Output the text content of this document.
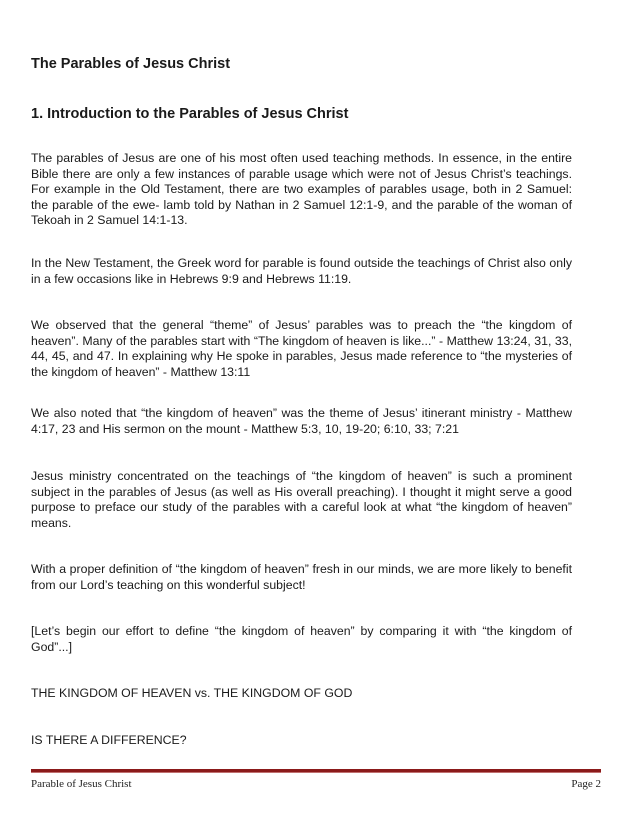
The Parables of Jesus Christ
1. Introduction to the Parables of Jesus Christ

The parables of Jesus are one of his most often used teaching methods. In essence, in the entire Bible there are only a few instances of parable usage which were not of Jesus Christ’s teachings. For example in the Old Testament, there are two examples of parables usage, both in 2 Samuel: the parable of the ewe- lamb told by Nathan in 2 Samuel 12:1-9, and the parable of the woman of Tekoah in 2 Samuel 14:1-13.

In the New Testament, the Greek word for parable is found outside the teachings of Christ also only in a few occasions like in Hebrews 9:9 and Hebrews 11:19.

We observed that the general “theme” of Jesus’ parables was to preach the “the kingdom of heaven”. Many of the parables start with “The kingdom of heaven is like...” - Matthew 13:24, 31, 33, 44, 45, and 47. In explaining why He spoke in parables, Jesus made reference to “the mysteries of the kingdom of heaven” - Matthew 13:11

We also noted that “the kingdom of heaven” was the theme of Jesus’ itinerant ministry - Matthew 4:17, 23 and His sermon on the mount - Matthew 5:3, 10, 19-20; 6:10, 33; 7:21

Jesus ministry concentrated on the teachings of “the kingdom of heaven” is such a prominent subject in the parables of Jesus (as well as His overall preaching). I thought it might serve a good purpose to preface our study of the parables with a careful look at what “the kingdom of heaven” means.

With a proper definition of “the kingdom of heaven” fresh in our minds, we are more likely to benefit from our Lord’s teaching on this wonderful subject!

[Let’s begin our effort to define “the kingdom of heaven” by comparing it with “the kingdom of God”...]

THE KINGDOM OF HEAVEN vs. THE KINGDOM OF GOD

IS THERE A DIFFERENCE?

Parable of Jesus Christ	Page 2
